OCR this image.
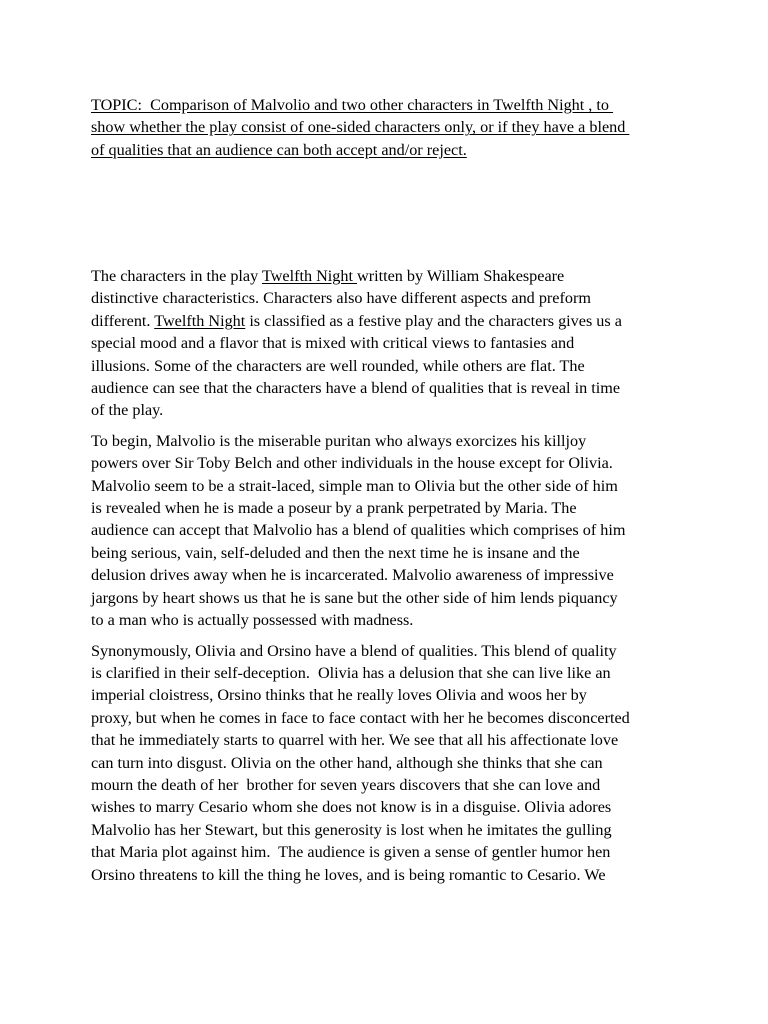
TOPIC:  Comparison of Malvolio and two other characters in Twelfth Night , to
show whether the play consist of one-sided characters only, or if they have a blend
of qualities that an audience can both accept and/or reject.

The characters in the play Twelfth Night written by William Shakespeare
distinctive characteristics. Characters also have different aspects and preform
different. Twelfth Night is classified as a festive play and the characters gives us a
special mood and a flavor that is mixed with critical views to fantasies and
illusions. Some of the characters are well rounded, while others are flat. The
audience can see that the characters have a blend of qualities that is reveal in time
of the play.

To begin, Malvolio is the miserable puritan who always exorcizes his killjoy
powers over Sir Toby Belch and other individuals in the house except for Olivia.
Malvolio seem to be a strait-laced, simple man to Olivia but the other side of him
is revealed when he is made a poseur by a prank perpetrated by Maria. The
audience can accept that Malvolio has a blend of qualities which comprises of him
being serious, vain, self-deluded and then the next time he is insane and the
delusion drives away when he is incarcerated. Malvolio awareness of impressive
jargons by heart shows us that he is sane but the other side of him lends piquancy
to a man who is actually possessed with madness.

Synonymously, Olivia and Orsino have a blend of qualities. This blend of quality
is clarified in their self-deception.  Olivia has a delusion that she can live like an
imperial cloistress, Orsino thinks that he really loves Olivia and woos her by
proxy, but when he comes in face to face contact with her he becomes disconcerted
that he immediately starts to quarrel with her. We see that all his affectionate love
can turn into disgust. Olivia on the other hand, although she thinks that she can
mourn the death of her  brother for seven years discovers that she can love and
wishes to marry Cesario whom she does not know is in a disguise. Olivia adores
Malvolio has her Stewart, but this generosity is lost when he imitates the gulling
that Maria plot against him.  The audience is given a sense of gentler humor hen
Orsino threatens to kill the thing he loves, and is being romantic to Cesario. We
